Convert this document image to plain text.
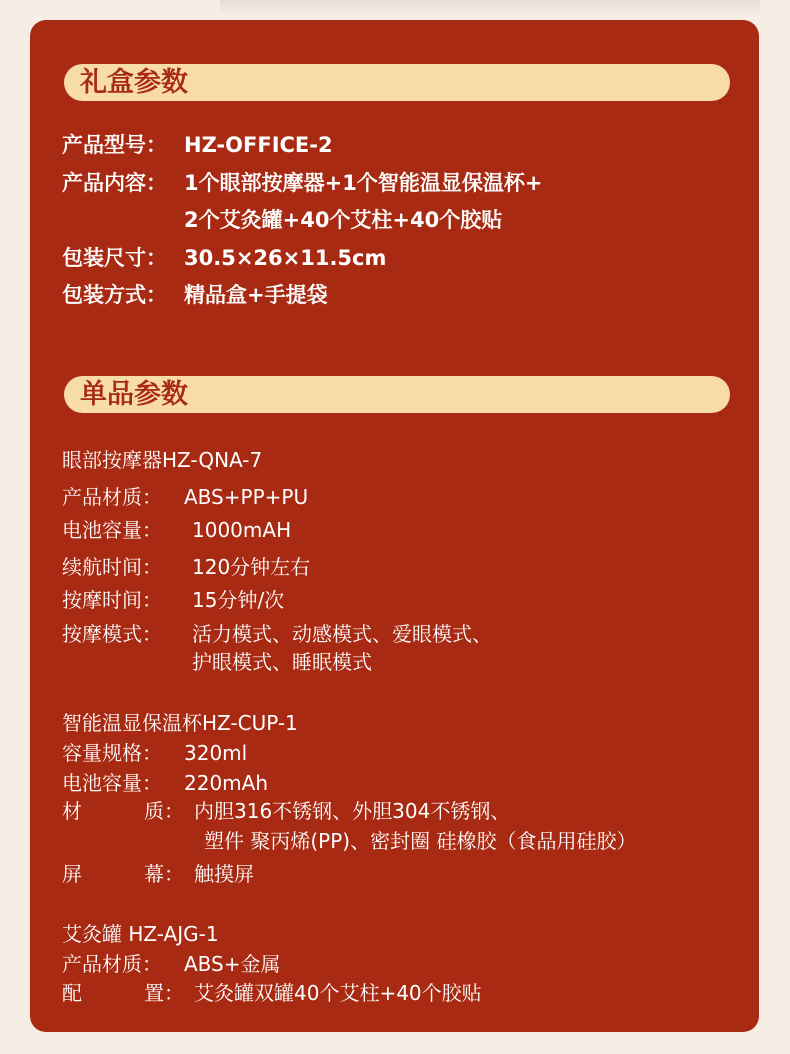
礼盒参数
产品型号： HZ-OFFICE-2
产品内容： 1个眼部按摩器+1个智能温显保温杯+
2个艾灸罐+40个艾柱+40个胶贴
包装尺寸： 30.5×26×11.5cm
包装方式： 精品盒+手提袋
单品参数
眼部按摩器HZ-QNA-7
产品材质： ABS+PP+PU
电池容量： 1000mAH
续航时间： 120分钟左右
按摩时间： 15分钟/次
按摩模式： 活力模式、动感模式、爱眼模式、
护眼模式、睡眠模式
智能温显保温杯HZ-CUP-1
容量规格： 320ml
电池容量： 220mAh
材	质： 内胆316不锈钢、外胆304不锈钢、
塑件 聚丙烯(PP)、密封圈 硅橡胶（食品用硅胶）
屏	幕： 触摸屏
艾灸罐 HZ-AJG-1
产品材质： ABS+金属
配	置： 艾灸罐双罐40个艾柱+40个胶贴
